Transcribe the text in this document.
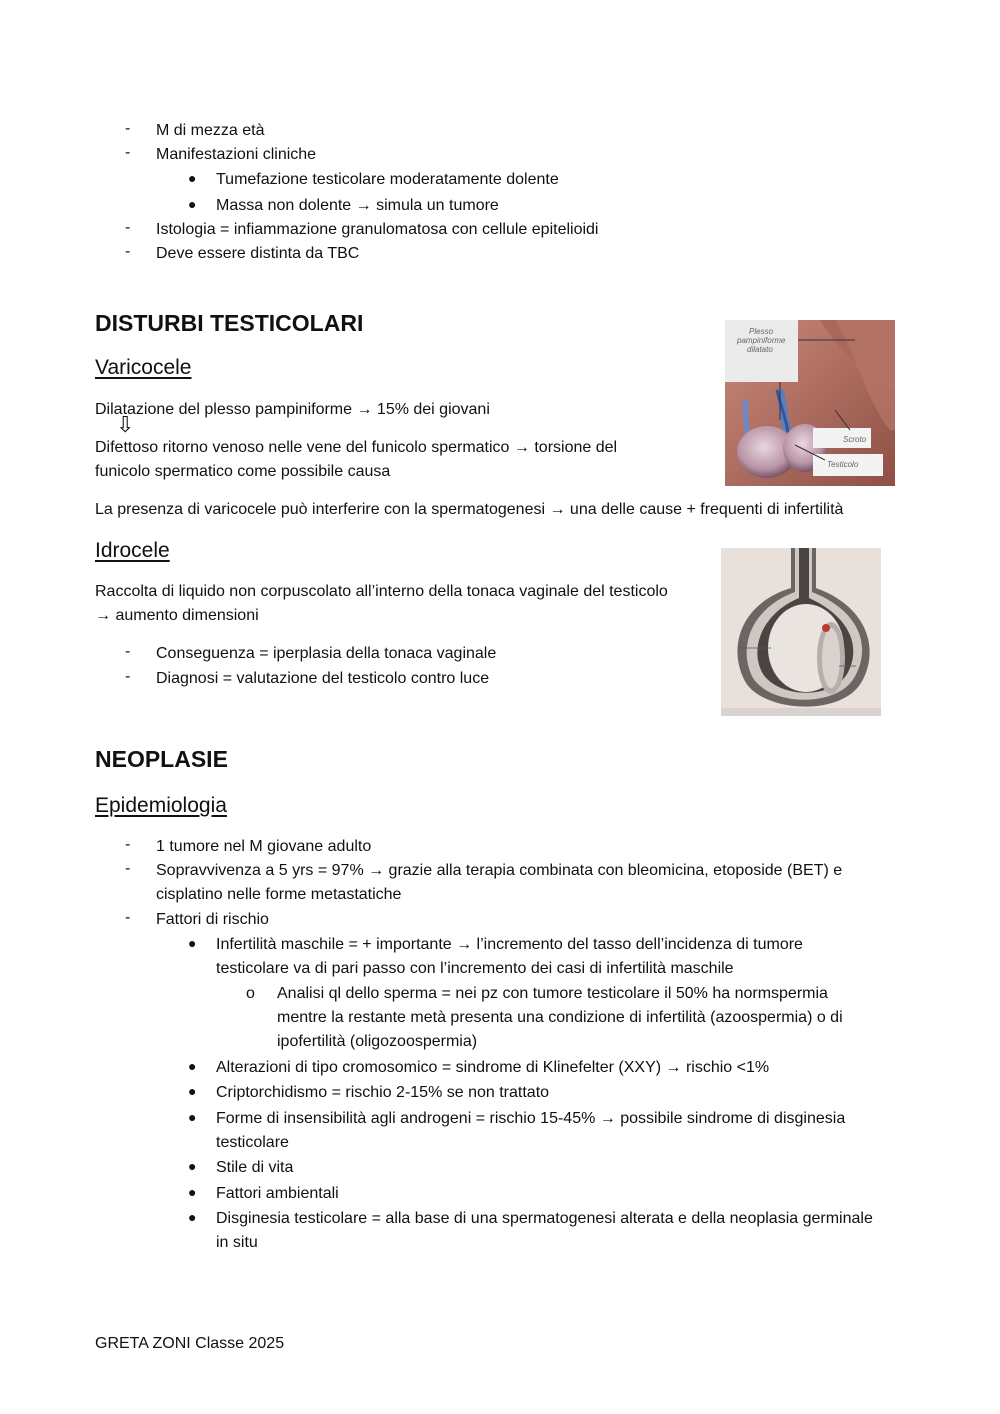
- M di mezza età
- Manifestazioni cliniche
● Tumefazione testicolare moderatamente dolente
● Massa non dolente → simula un tumore
- Istologia = infiammazione granulomatosa con cellule epitelioidi
- Deve essere distinta da TBC
DISTURBI TESTICOLARI
Varicocele
Dilatazione del plesso pampiniforme → 15% dei giovani
⇩
Difettoso ritorno venoso nelle vene del funicolo spermatico → torsione del
funicolo spermatico come possibile causa
La presenza di varicocele può interferire con la spermatogenesi → una delle cause + frequenti di infertilità
Plesso
pampiniforme
dilatato
Scroto
Testicolo
Idrocele
Raccolta di liquido non corpuscolato all’interno della tonaca vaginale del testicolo
→ aumento dimensioni
- Conseguenza = iperplasia della tonaca vaginale
- Diagnosi = valutazione del testicolo contro luce
NEOPLASIE
Epidemiologia
- 1 tumore nel M giovane adulto
- Sopravvivenza a 5 yrs = 97% → grazie alla terapia combinata con bleomicina, etoposide (BET) e
cisplatino nelle forme metastatiche
- Fattori di rischio
● Infertilità maschile = + importante → l’incremento del tasso dell’incidenza di tumore
testicolare va di pari passo con l’incremento dei casi di infertilità maschile
o Analisi ql dello sperma = nei pz con tumore testicolare il 50% ha normspermia
mentre la restante metà presenta una condizione di infertilità (azoospermia) o di
ipofertilità (oligozoospermia)
● Alterazioni di tipo cromosomico = sindrome di Klinefelter (XXY) → rischio <1%
● Criptorchidismo = rischio 2-15% se non trattato
● Forme di insensibilità agli androgeni = rischio 15-45% → possibile sindrome di disginesia
testicolare
● Stile di vita
● Fattori ambientali
● Disginesia testicolare = alla base di una spermatogenesi alterata e della neoplasia germinale
in situ
GRETA ZONI Classe 2025
